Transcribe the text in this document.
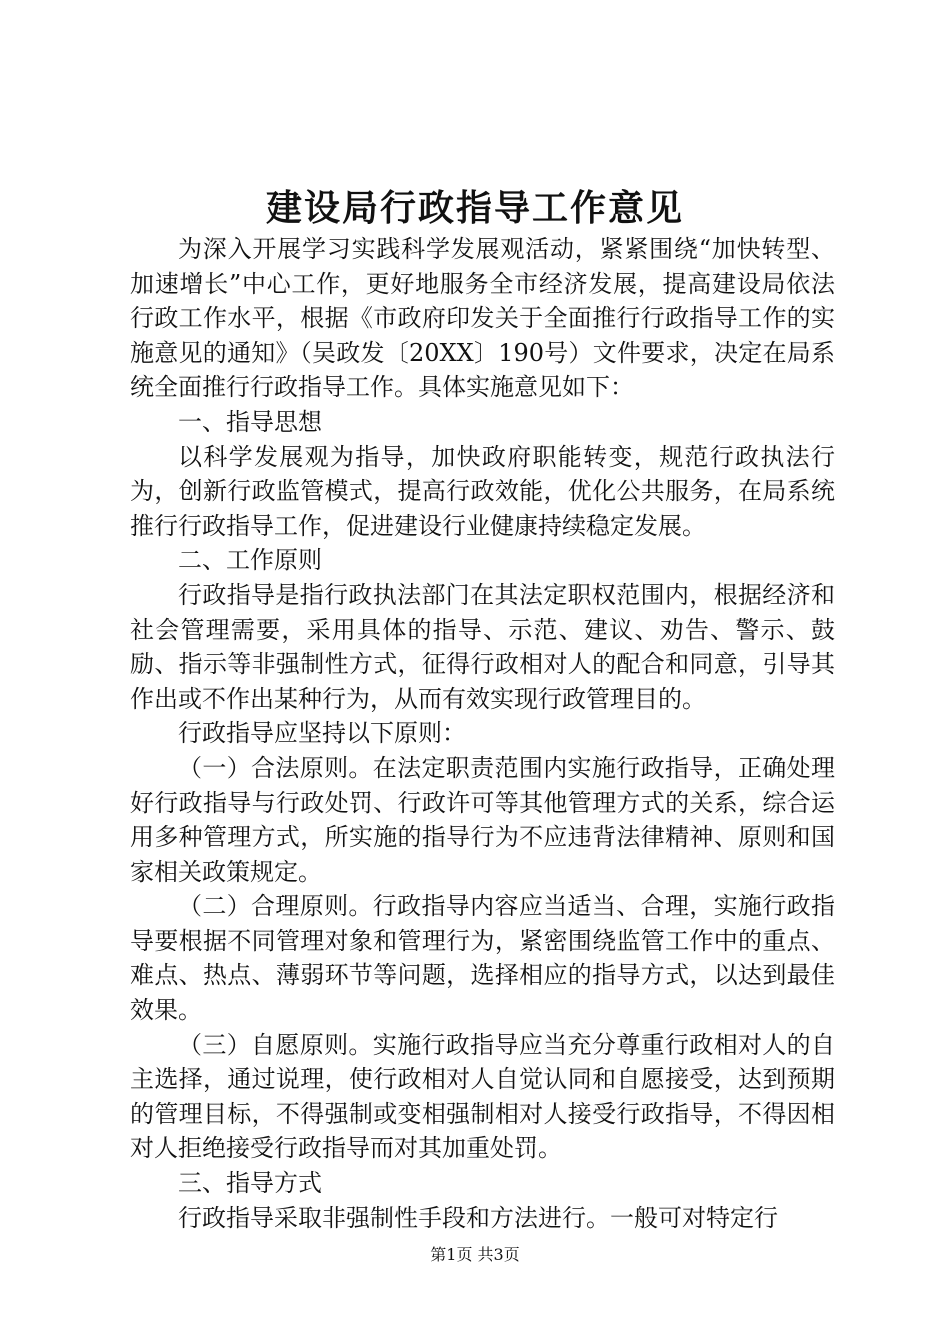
建设局行政指导工作意见

为深入开展学习实践科学发展观活动，紧紧围绕“加快转型、加速增长”中心工作，更好地服务全市经济发展，提高建设局依法行政工作水平，根据《市政府印发关于全面推行行政指导工作的实施意见的通知》（吴政发〔20XX〕190号）文件要求，决定在局系统全面推行行政指导工作。具体实施意见如下：

一、指导思想

以科学发展观为指导，加快政府职能转变，规范行政执法行为，创新行政监管模式，提高行政效能，优化公共服务，在局系统推行行政指导工作，促进建设行业健康持续稳定发展。

二、工作原则

行政指导是指行政执法部门在其法定职权范围内，根据经济和社会管理需要，采用具体的指导、示范、建议、劝告、警示、鼓励、指示等非强制性方式，征得行政相对人的配合和同意，引导其作出或不作出某种行为，从而有效实现行政管理目的。

行政指导应坚持以下原则：

（一）合法原则。在法定职责范围内实施行政指导，正确处理好行政指导与行政处罚、行政许可等其他管理方式的关系，综合运用多种管理方式，所实施的指导行为不应违背法律精神、原则和国家相关政策规定。

（二）合理原则。行政指导内容应当适当、合理，实施行政指导要根据不同管理对象和管理行为，紧密围绕监管工作中的重点、难点、热点、薄弱环节等问题，选择相应的指导方式，以达到最佳效果。

（三）自愿原则。实施行政指导应当充分尊重行政相对人的自主选择，通过说理，使行政相对人自觉认同和自愿接受，达到预期的管理目标，不得强制或变相强制相对人接受行政指导，不得因相对人拒绝接受行政指导而对其加重处罚。

三、指导方式

行政指导采取非强制性手段和方法进行。一般可对特定行

第1页 共3页
